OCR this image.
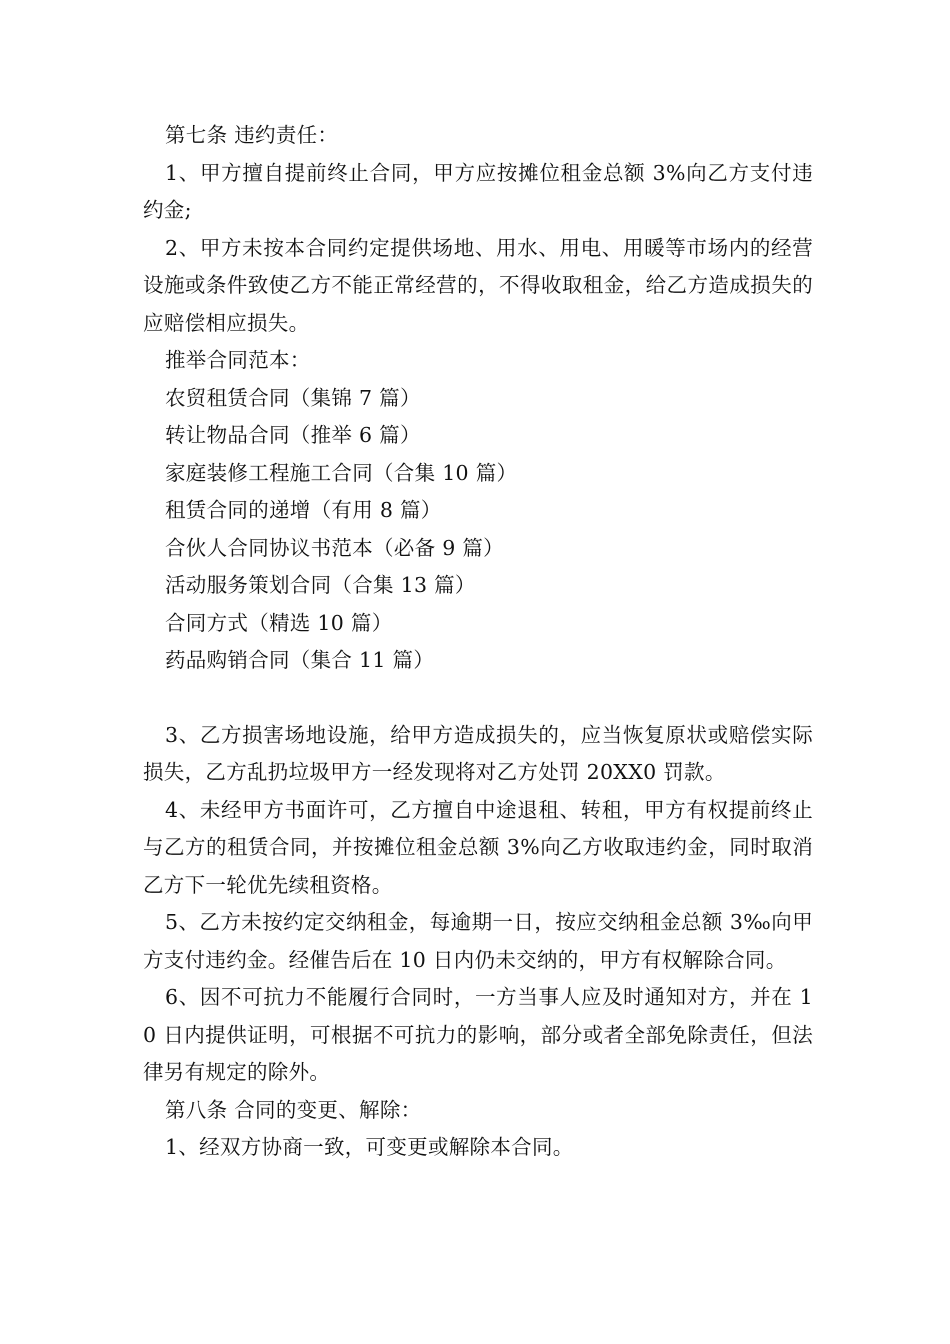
第七条 违约责任：

1、甲方擅自提前终止合同，甲方应按摊位租金总额 3%向乙方支付违约金;

2、甲方未按本合同约定提供场地、用水、用电、用暖等市场内的经营设施或条件致使乙方不能正常经营的，不得收取租金，给乙方造成损失的应赔偿相应损失。

推举合同范本：

农贸租赁合同（集锦 7 篇）

转让物品合同（推举 6 篇）

家庭装修工程施工合同（合集 10 篇）

租赁合同的递增（有用 8 篇）

合伙人合同协议书范本（必备 9 篇）

活动服务策划合同（合集 13 篇）

合同方式（精选 10 篇）

药品购销合同（集合 11 篇）

3、乙方损害场地设施，给甲方造成损失的，应当恢复原状或赔偿实际损失，乙方乱扔垃圾甲方一经发现将对乙方处罚 20XX0 罚款。

4、未经甲方书面许可，乙方擅自中途退租、转租，甲方有权提前终止与乙方的租赁合同，并按摊位租金总额 3%向乙方收取违约金，同时取消乙方下一轮优先续租资格。

5、乙方未按约定交纳租金，每逾期一日，按应交纳租金总额 3‰向甲方支付违约金。经催告后在 10 日内仍未交纳的，甲方有权解除合同。

6、因不可抗力不能履行合同时，一方当事人应及时通知对方，并在 10 日内提供证明，可根据不可抗力的影响，部分或者全部免除责任，但法律另有规定的除外。

第八条 合同的变更、解除：

1、经双方协商一致，可变更或解除本合同。
